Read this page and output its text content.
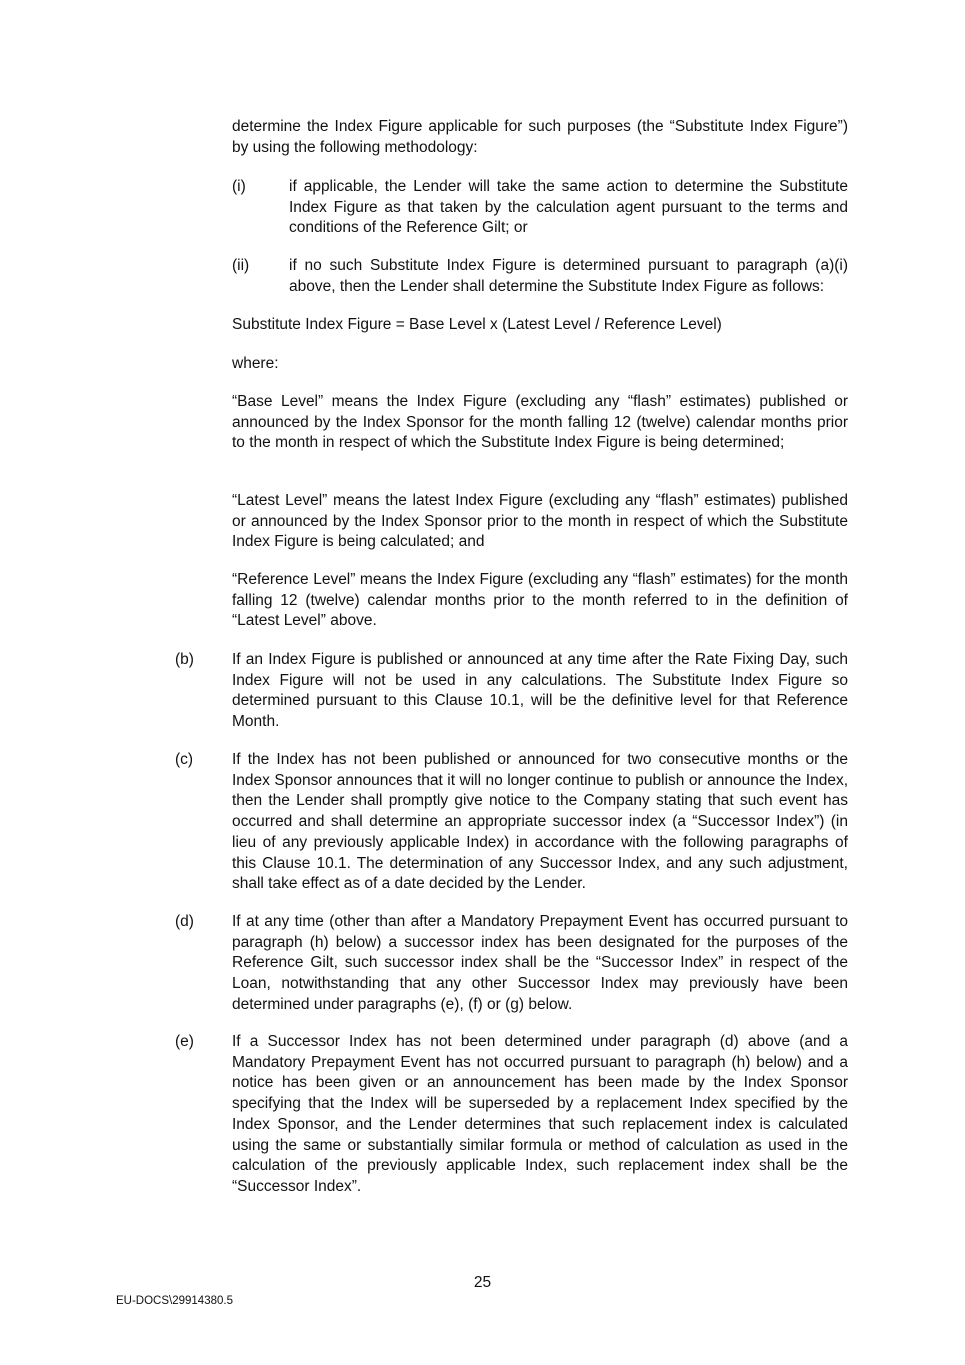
determine the Index Figure applicable for such purposes (the “Substitute Index Figure”) by using the following methodology:

(i)	if applicable, the Lender will take the same action to determine the Substitute Index Figure as that taken by the calculation agent pursuant to the terms and conditions of the Reference Gilt; or

(ii)	if no such Substitute Index Figure is determined pursuant to paragraph (a)(i) above, then the Lender shall determine the Substitute Index Figure as follows:

Substitute Index Figure = Base Level x (Latest Level / Reference Level)

where:

“Base Level” means the Index Figure (excluding any “flash” estimates) published or announced by the Index Sponsor for the month falling 12 (twelve) calendar months prior to the month in respect of which the Substitute Index Figure is being determined;

“Latest Level” means the latest Index Figure (excluding any “flash” estimates) published or announced by the Index Sponsor prior to the month in respect of which the Substitute Index Figure is being calculated; and

“Reference Level” means the Index Figure (excluding any “flash” estimates) for the month falling 12 (twelve) calendar months prior to the month referred to in the definition of “Latest Level” above.

(b) If an Index Figure is published or announced at any time after the Rate Fixing Day, such Index Figure will not be used in any calculations. The Substitute Index Figure so determined pursuant to this Clause 10.1, will be the definitive level for that Reference Month.

(c)	If the Index has not been published or announced for two consecutive months or the Index Sponsor announces that it will no longer continue to publish or announce the Index, then the Lender shall promptly give notice to the Company stating that such event has occurred and shall determine an appropriate successor index (a “Successor Index”) (in lieu of any previously applicable Index) in accordance with the following paragraphs of this Clause 10.1. The determination of any Successor Index, and any such adjustment, shall take effect as of a date decided by the Lender.

(d) If at any time (other than after a Mandatory Prepayment Event has occurred pursuant to paragraph (h) below) a successor index has been designated for the purposes of the Reference Gilt, such successor index shall be the “Successor Index” in respect of the Loan, notwithstanding that any other Successor Index may previously have been determined under paragraphs (e), (f) or (g) below.

(e) If a Successor Index has not been determined under paragraph (d) above (and a Mandatory Prepayment Event has not occurred pursuant to paragraph (h) below) and a notice has been given or an announcement has been made by the Index Sponsor specifying that the Index will be superseded by a replacement Index specified by the Index Sponsor, and the Lender determines that such replacement index is calculated using the same or substantially similar formula or method of calculation as used in the calculation of the previously applicable Index, such replacement index shall be the “Successor Index”.

25
EU-DOCS\29914380.5
